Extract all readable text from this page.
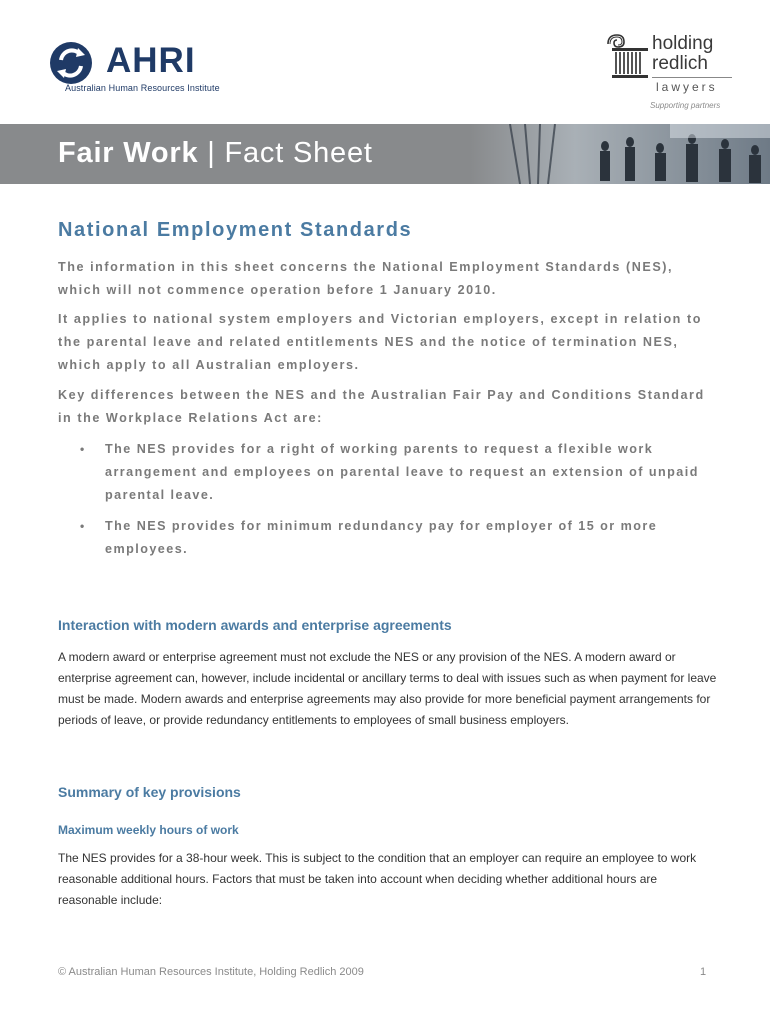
AHRI
Australian Human Resources Institute
holding
redlich
lawyers
Supporting partners
Fair Work | Fact Sheet
National Employment Standards
The information in this sheet concerns the National Employment Standards (NES), which will not commence operation before 1 January 2010.
It applies to national system employers and Victorian employers, except in relation to the parental leave and related entitlements NES and the notice of termination NES, which apply to all Australian employers.
Key differences between the NES and the Australian Fair Pay and Conditions Standard in the Workplace Relations Act are:
• The NES provides for a right of working parents to request a flexible work arrangement and employees on parental leave to request an extension of unpaid parental leave.
• The NES provides for minimum redundancy pay for employer of 15 or more employees.
Interaction with modern awards and enterprise agreements
A modern award or enterprise agreement must not exclude the NES or any provision of the NES. A modern award or enterprise agreement can, however, include incidental or ancillary terms to deal with issues such as when payment for leave must be made. Modern awards and enterprise agreements may also provide for more beneficial payment arrangements for periods of leave, or provide redundancy entitlements to employees of small business employers.
Summary of key provisions
Maximum weekly hours of work
The NES provides for a 38-hour week. This is subject to the condition that an employer can require an employee to work reasonable additional hours. Factors that must be taken into account when deciding whether additional hours are reasonable include:
© Australian Human Resources Institute, Holding Redlich 2009	1
